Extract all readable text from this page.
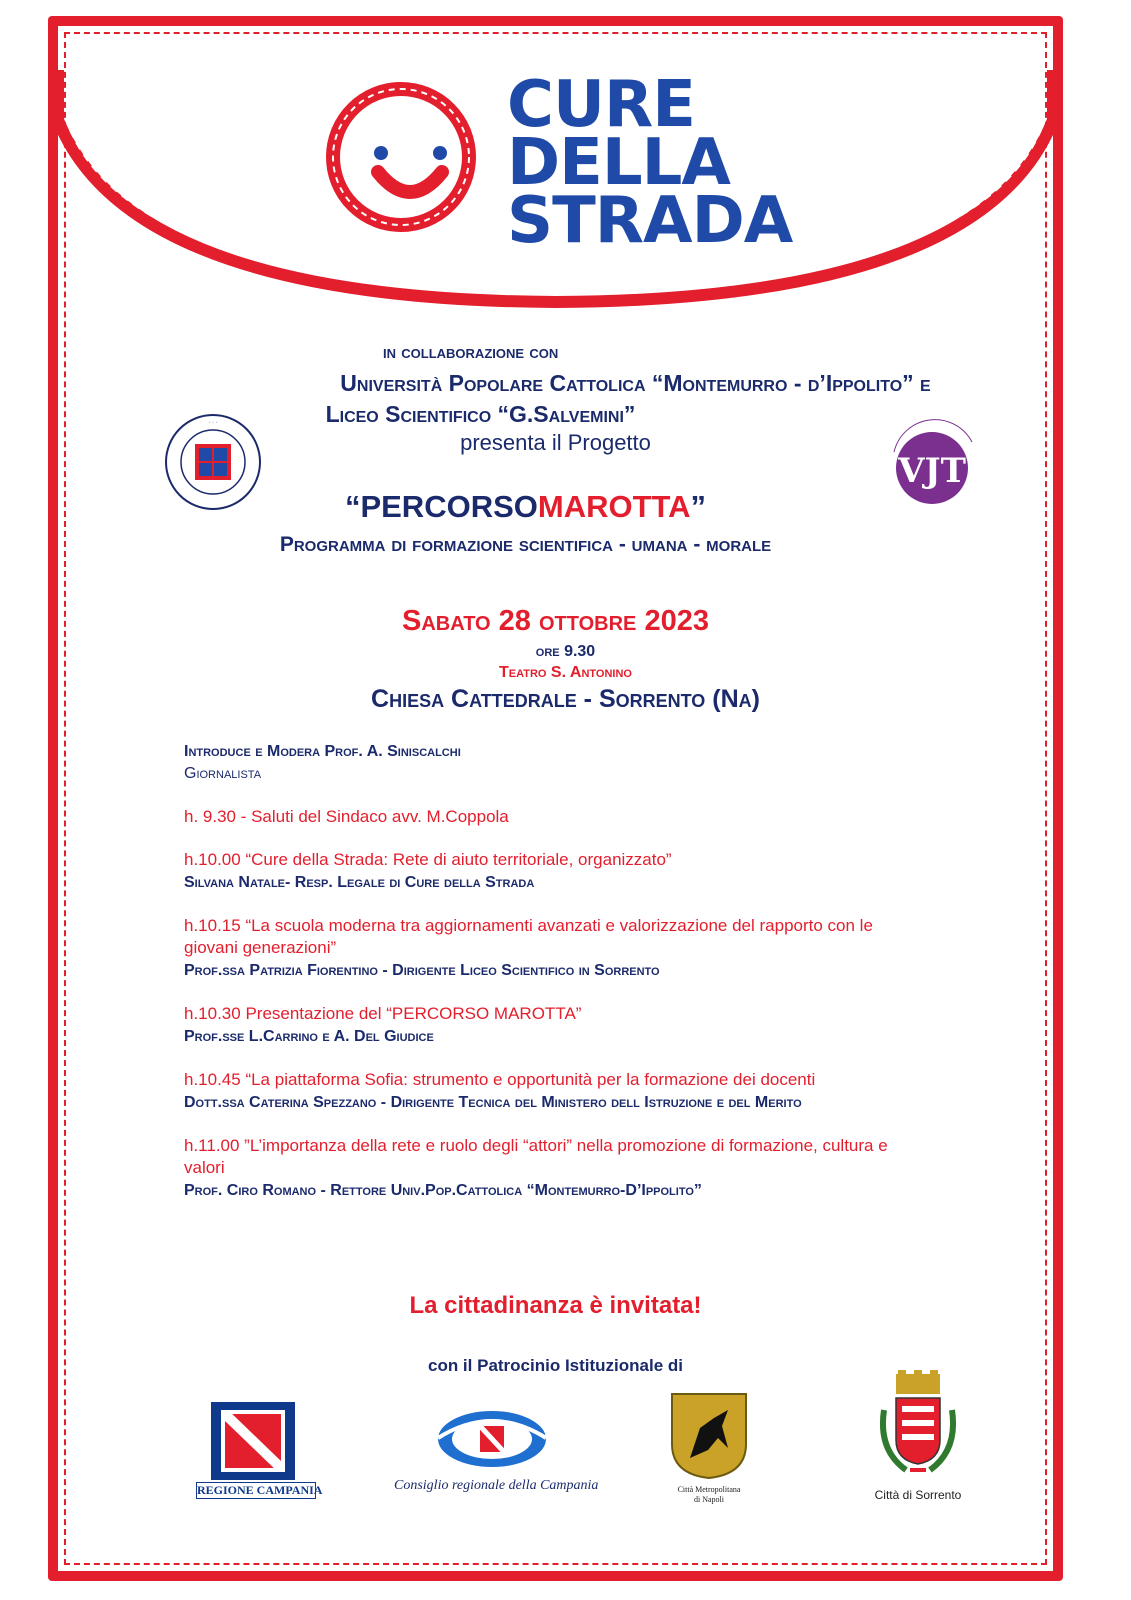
CURE
DELLA
STRADA
in collaborazione con
Università Popolare Cattolica “Montemurro - d’Ippolito” e
Liceo Scientifico “G.Salvemini”
presenta il Progetto
· · ·
VJT
“PERCORSOMAROTTA”
Programma di formazione scientifica - umana - morale
Sabato 28 ottobre 2023
ore 9.30
Teatro S. Antonino
Chiesa Cattedrale - Sorrento (Na)
Introduce e Modera Prof. A. Siniscalchi
Giornalista
h. 9.30 - Saluti del Sindaco avv. M.Coppola
h.10.00 “Cure della Strada: Rete di aiuto territoriale, organizzato”
Silvana Natale- Resp. Legale di Cure della Strada
h.10.15 “La scuola moderna tra aggiornamenti avanzati e valorizzazione del rapporto con le giovani generazioni”
Prof.ssa Patrizia Fiorentino - Dirigente Liceo Scientifico in Sorrento
h.10.30 Presentazione del “PERCORSO MAROTTA”
Prof.sse L.Carrino e A. Del Giudice
h.10.45 “La piattaforma Sofia: strumento e opportunità per la formazione dei docenti
Dott.ssa Caterina Spezzano - Dirigente Tecnica del Ministero dell Istruzione e del Merito
h.11.00 ”L’importanza della rete e ruolo degli “attori” nella promozione di formazione, cultura e valori
Prof. Ciro Romano - Rettore Univ.Pop.Cattolica “Montemurro-D’Ippolito”
La cittadinanza è invitata!
con il Patrocinio Istituzionale di
REGIONE CAMPANIA	Consiglio regionale della Campania	Città Metropolitana
di Napoli	Città di Sorrento
